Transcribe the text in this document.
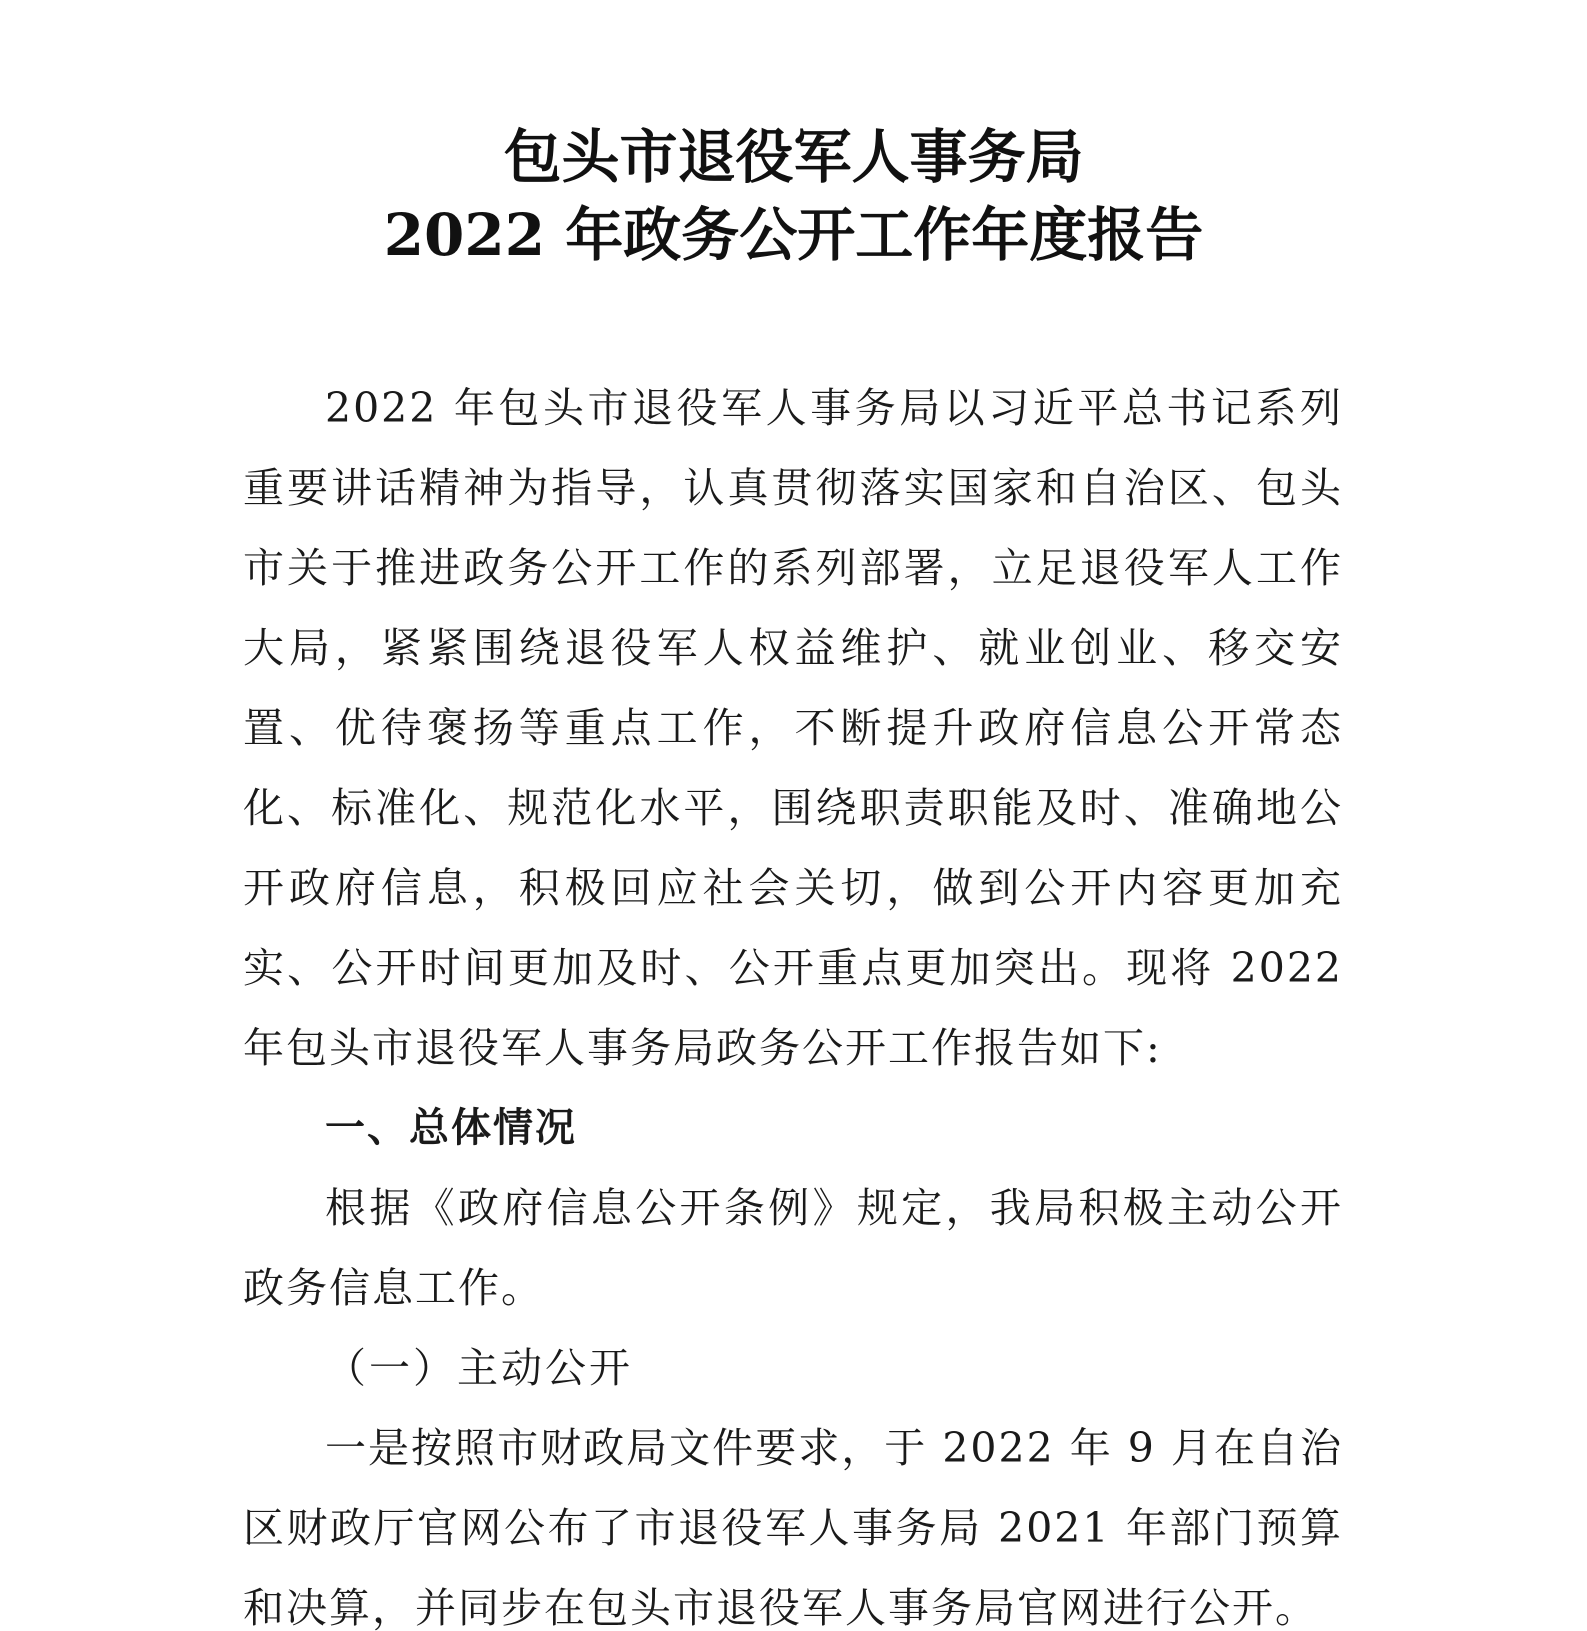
包头市退役军人事务局
2022 年政务公开工作年度报告

2022 年包头市退役军人事务局以习近平总书记系列重要讲话精神为指导，认真贯彻落实国家和自治区、包头市关于推进政务公开工作的系列部署，立足退役军人工作大局，紧紧围绕退役军人权益维护、就业创业、移交安置、优待褒扬等重点工作，不断提升政府信息公开常态化、标准化、规范化水平，围绕职责职能及时、准确地公开政府信息，积极回应社会关切，做到公开内容更加充实、公开时间更加及时、公开重点更加突出。现将 2022 年包头市退役军人事务局政务公开工作报告如下:

一、总体情况

根据《政府信息公开条例》规定，我局积极主动公开政务信息工作。

（一）主动公开

一是按照市财政局文件要求，于 2022 年 9 月在自治区财政厅官网公布了市退役军人事务局 2021 年部门预算和决算，并同步在包头市退役军人事务局官网进行公开。
